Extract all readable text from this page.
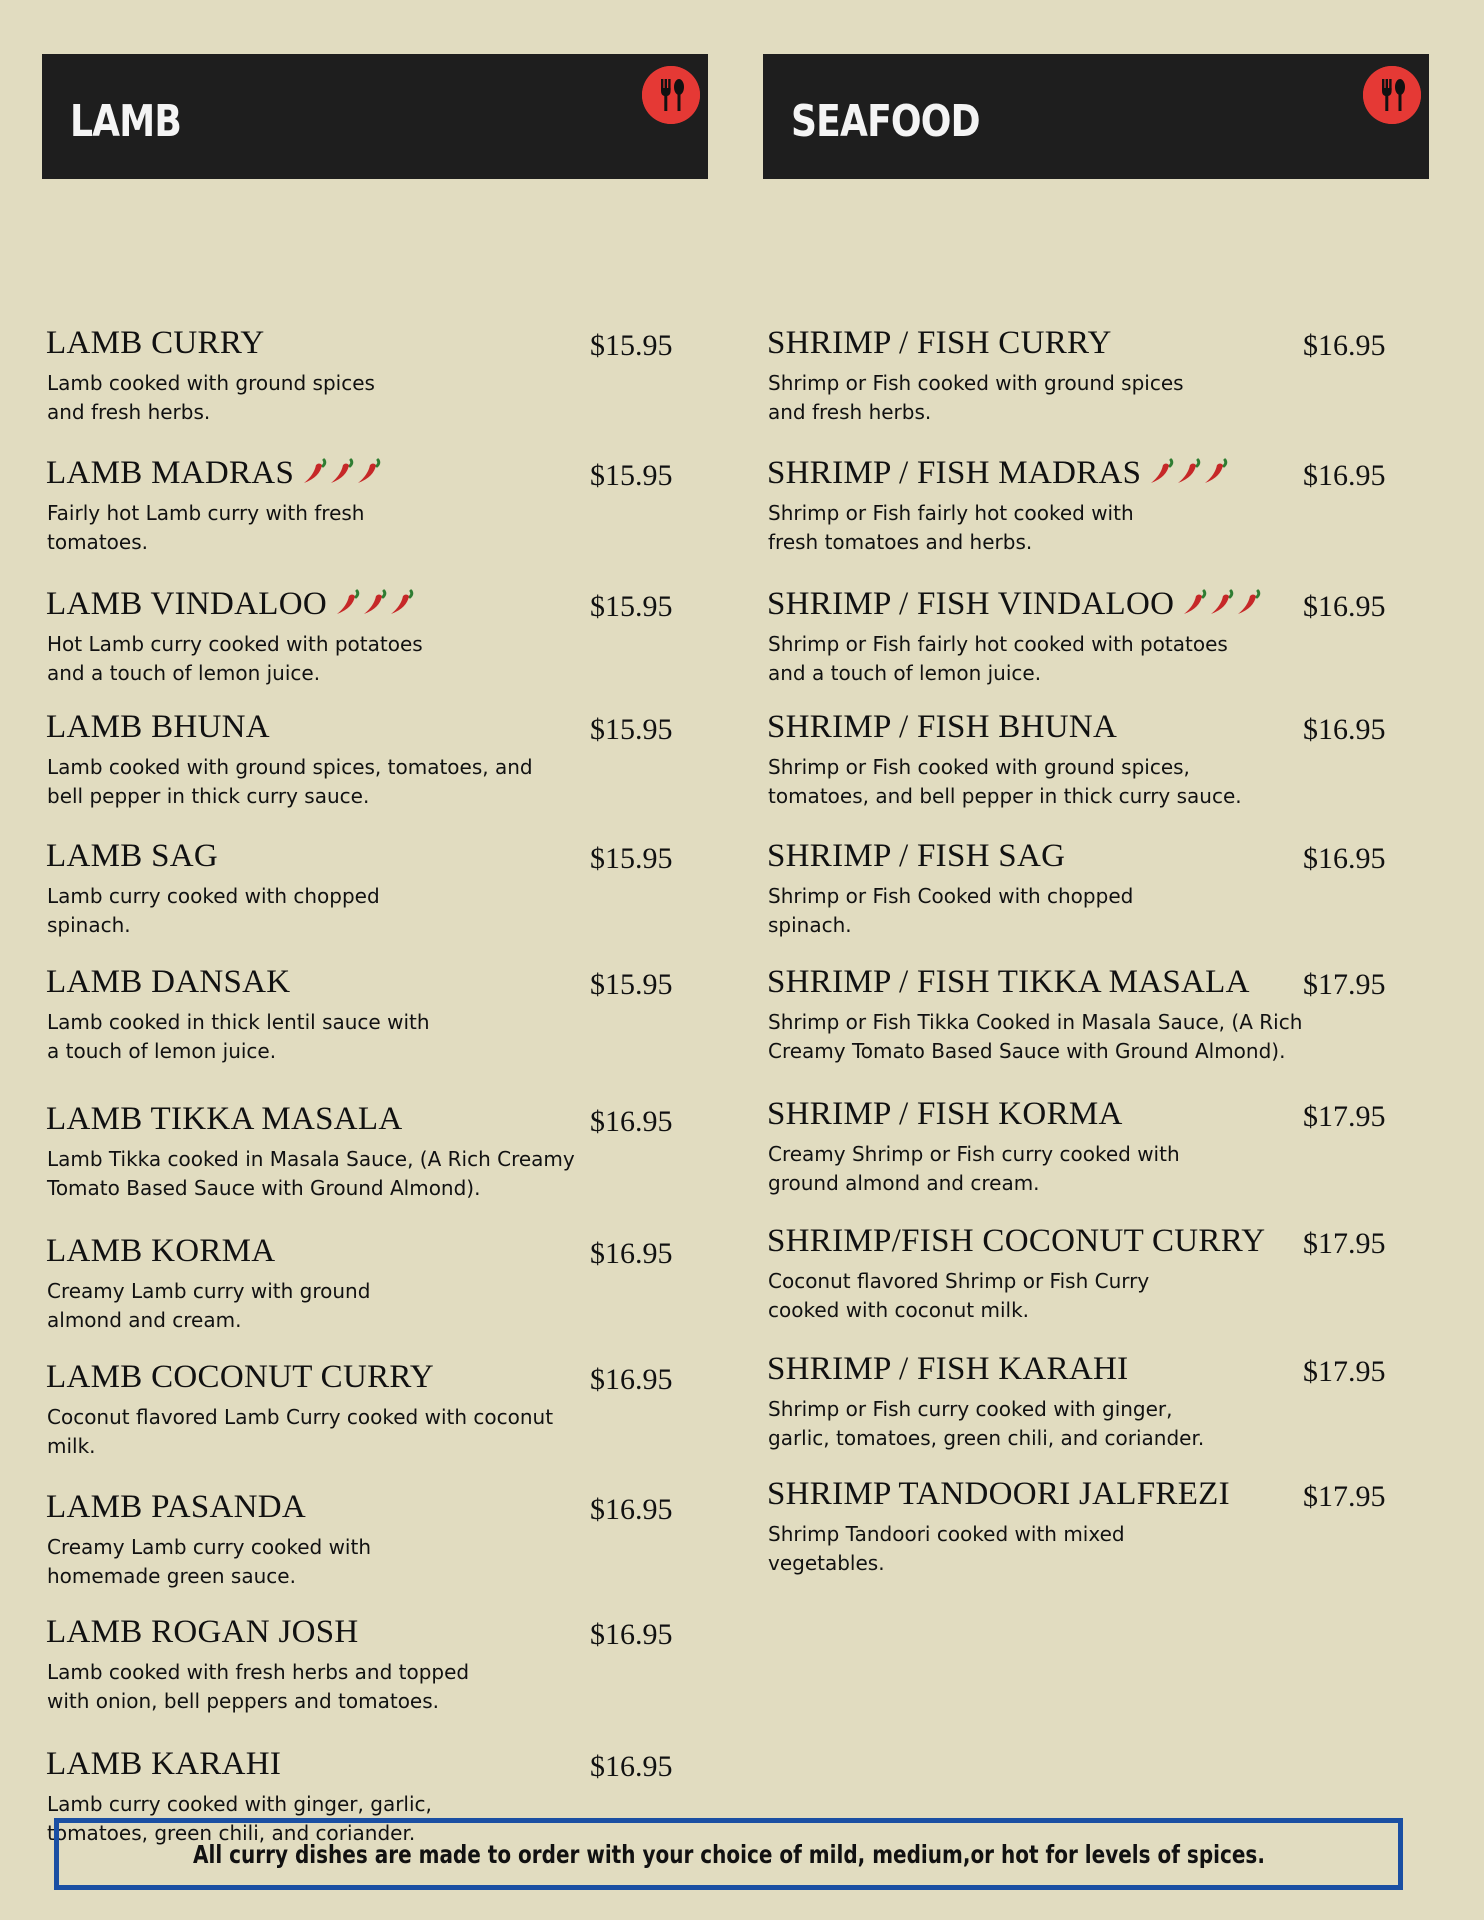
LAMB
LAMB CURRY	$15.95
Lamb cooked with ground spices
and fresh herbs.
LAMB MADRAS	$15.95
Fairly hot Lamb curry with fresh
tomatoes.
LAMB VINDALOO	$15.95
Hot Lamb curry cooked with potatoes
and a touch of lemon juice.
LAMB BHUNA	$15.95
Lamb cooked with ground spices, tomatoes, and
bell pepper in thick curry sauce.
LAMB SAG	$15.95
Lamb curry cooked with chopped
spinach.
LAMB DANSAK	$15.95
Lamb cooked in thick lentil sauce with
a touch of lemon juice.
LAMB TIKKA MASALA	$16.95
Lamb Tikka cooked in Masala Sauce, (A Rich Creamy
Tomato Based Sauce with Ground Almond).
LAMB KORMA	$16.95
Creamy Lamb curry with ground
almond and cream.
LAMB COCONUT CURRY	$16.95
Coconut flavored Lamb Curry cooked with coconut
milk.
LAMB PASANDA	$16.95
Creamy Lamb curry cooked with
homemade green sauce.
LAMB ROGAN JOSH	$16.95
Lamb cooked with fresh herbs and topped
with onion, bell peppers and tomatoes.
LAMB KARAHI	$16.95
Lamb curry cooked with ginger, garlic,
tomatoes, green chili, and coriander.
SEAFOOD
SHRIMP / FISH CURRY	$16.95
Shrimp or Fish cooked with ground spices
and fresh herbs.
SHRIMP / FISH MADRAS	$16.95
Shrimp or Fish fairly hot cooked with
fresh tomatoes and herbs.
SHRIMP / FISH VINDALOO	$16.95
Shrimp or Fish fairly hot cooked with potatoes
and a touch of lemon juice.
SHRIMP / FISH BHUNA	$16.95
Shrimp or Fish cooked with ground spices,
tomatoes, and bell pepper in thick curry sauce.
SHRIMP / FISH SAG	$16.95
Shrimp or Fish Cooked with chopped
spinach.
SHRIMP / FISH TIKKA MASALA $17.95
Shrimp or Fish Tikka Cooked in Masala Sauce, (A Rich
Creamy Tomato Based Sauce with Ground Almond).
SHRIMP / FISH KORMA	$17.95
Creamy Shrimp or Fish curry cooked with
ground almond and cream.
SHRIMP/FISH COCONUT CURRY $17.95
Coconut flavored Shrimp or Fish Curry
cooked with coconut milk.
SHRIMP / FISH KARAHI	$17.95
Shrimp or Fish curry cooked with ginger,
garlic, tomatoes, green chili, and coriander.
SHRIMP TANDOORI JALFREZI $17.95
Shrimp Tandoori cooked with mixed
vegetables.
All curry dishes are made to order with your choice of mild, medium,or hot for levels of spices.
